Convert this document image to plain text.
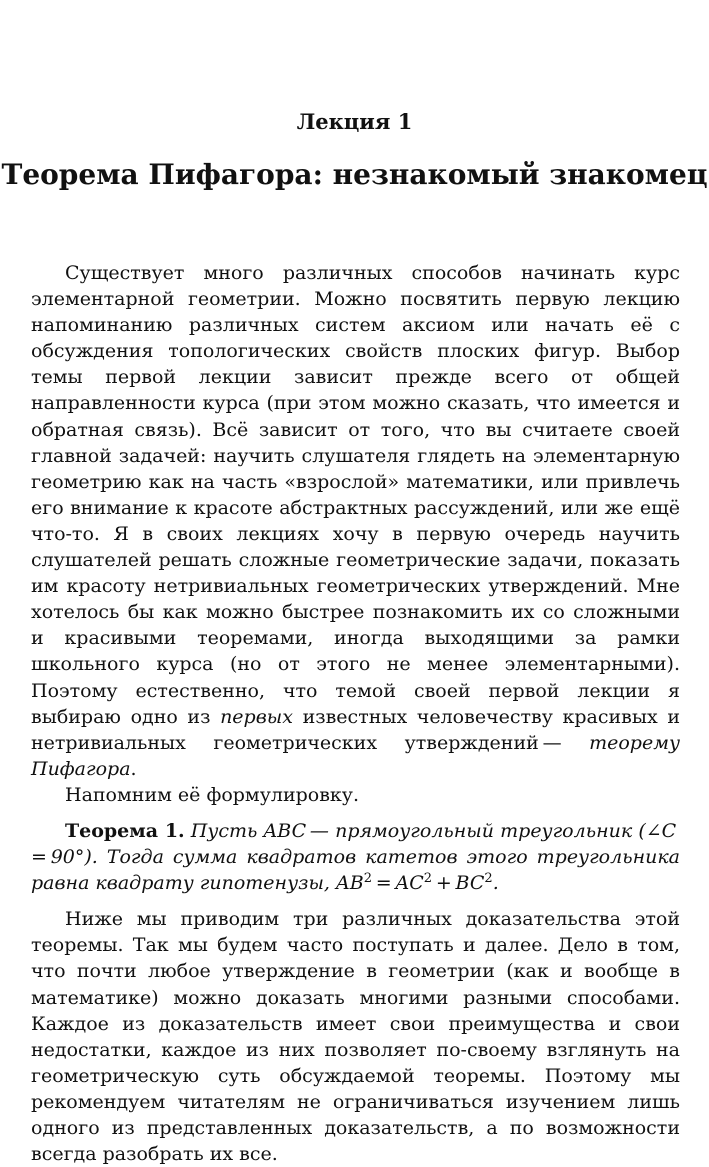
Лекция 1
Теорема Пифагора: незнакомый знакомец

Существует много различных способов начинать курс элементарной геометрии. Можно посвятить первую лекцию напоминанию различных систем аксиом или начать её с обсуждения топологических свойств плоских фигур. Выбор темы первой лекции зависит прежде всего от общей направленности курса (при этом можно сказать, что имеется и обратная связь). Всё зависит от того, что вы считаете своей главной задачей: научить слушателя глядеть на элементарную геометрию как на часть «взрослой» математики, или привлечь его внимание к красоте абстрактных рассуждений, или же ещё что-то. Я в своих лекциях хочу в первую очередь научить слушателей решать сложные геометрические задачи, показать им красоту нетривиальных геометрических утверждений. Мне хотелось бы как можно быстрее познакомить их со сложными и красивыми теоремами, иногда выходящими за рамки школьного курса (но от этого не менее элементарными). Поэтому естественно, что темой своей первой лекции я выбираю одно из первых известных человечеству красивых и нетривиальных геометрических утверждений — теорему Пифагора.

Напомним её формулировку.

Теорема 1. Пусть ABC — прямоугольный треугольник (∠C = 90°). Тогда сумма квадратов катетов этого треугольника равна квадрату гипотенузы, $AB^2 = AC^2 + BC^2$.

Ниже мы приводим три различных доказательства этой теоремы. Так мы будем часто поступать и далее. Дело в том, что почти любое утверждение в геометрии (как и вообще в математике) можно доказать многими разными способами. Каждое из доказательств имеет свои преимущества и свои недостатки, каждое из них позволяет по-своему взглянуть на геометрическую суть обсуждаемой теоремы. Поэтому мы рекомендуем читателям не ограничиваться изучением лишь одного из представленных доказательств, а по возможности всегда разобрать их все.
